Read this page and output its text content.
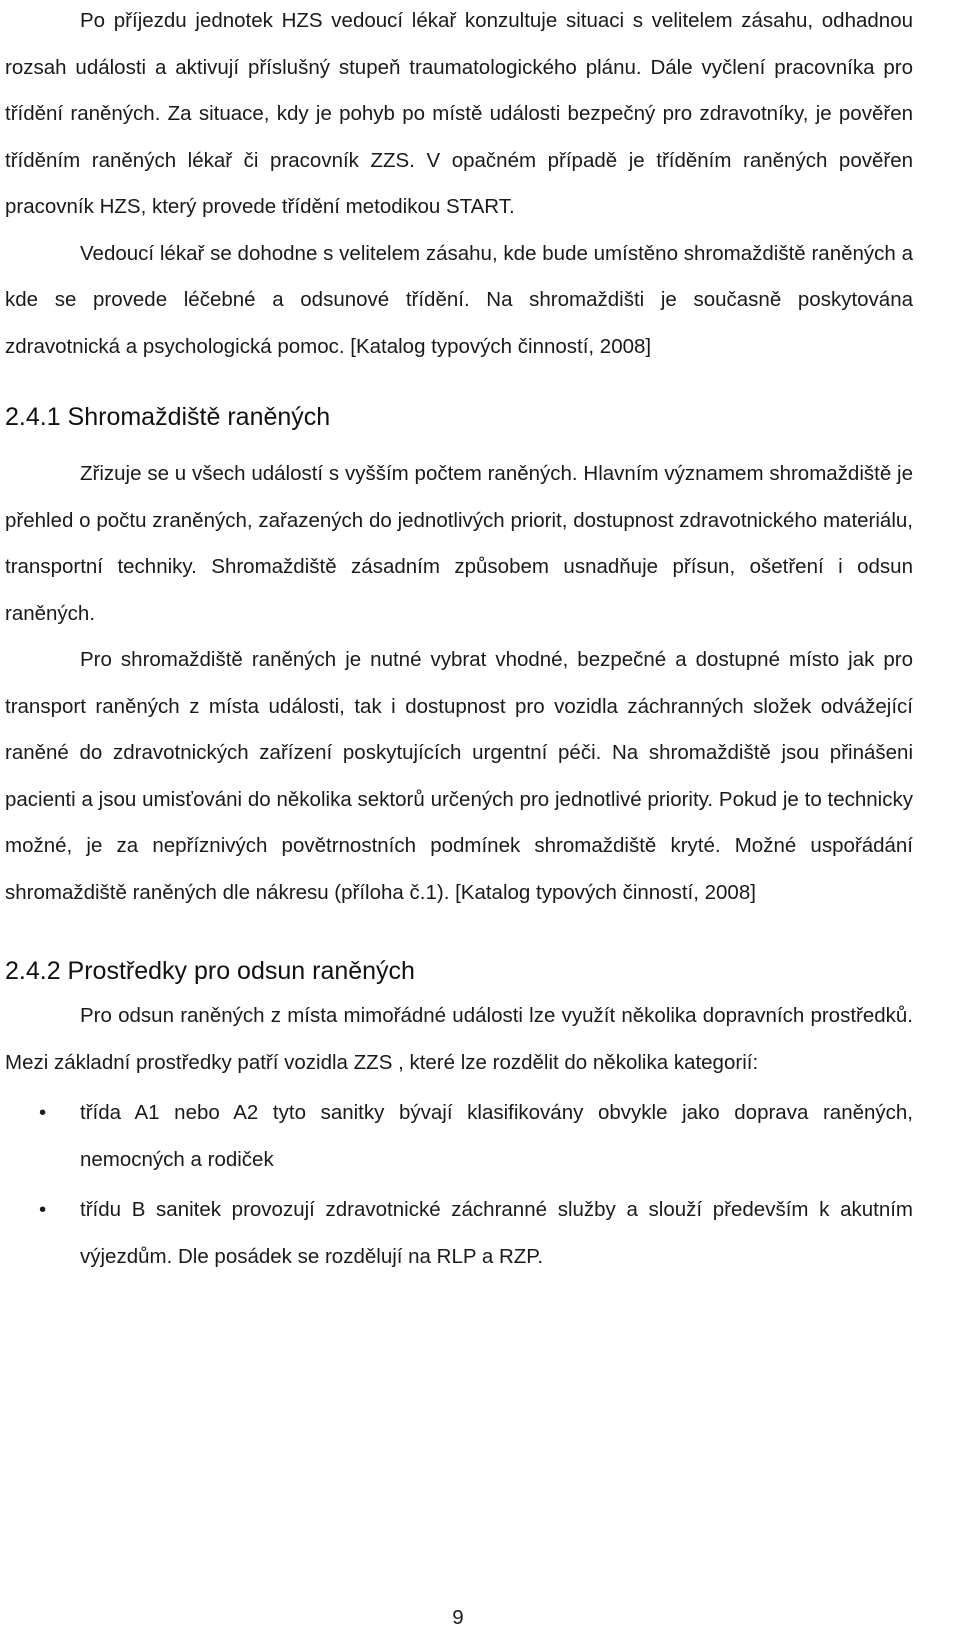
Po příjezdu jednotek HZS vedoucí lékař konzultuje situaci s velitelem zásahu, odhadnou rozsah události a aktivují příslušný stupeň traumatologického plánu. Dále vyčlení pracovníka pro třídění raněných. Za situace, kdy je pohyb po místě události bezpečný pro zdravotníky, je pověřen tříděním raněných lékař či pracovník ZZS. V opačném případě je tříděním raněných pověřen pracovník HZS, který provede třídění metodikou START.

Vedoucí lékař se dohodne s velitelem zásahu, kde bude umístěno shromaždiště raněných a kde se provede léčebné a odsunové třídění. Na shromaždišti je současně poskytována zdravotnická a psychologická pomoc. [Katalog typových činností, 2008]

2.4.1 Shromaždiště raněných

Zřizuje se u všech událostí s vyšším počtem raněných. Hlavním významem shromaždiště je přehled o počtu zraněných, zařazených do jednotlivých priorit, dostupnost zdravotnického materiálu, transportní techniky. Shromaždiště zásadním způsobem usnadňuje přísun, ošetření i odsun raněných.

Pro shromaždiště raněných je nutné vybrat vhodné, bezpečné a dostupné místo jak pro transport raněných z místa události, tak i dostupnost pro vozidla záchranných složek odvážející raněné do zdravotnických zařízení poskytujících urgentní péči. Na shromaždiště jsou přinášeni pacienti a jsou umisťováni do několika sektorů určených pro jednotlivé priority. Pokud je to technicky možné, je za nepříznivých povětrnostních podmínek shromaždiště kryté. Možné uspořádání shromaždiště raněných dle nákresu (příloha č.1). [Katalog typových činností, 2008]

2.4.2 Prostředky pro odsun raněných

Pro odsun raněných z místa mimořádné události lze využít několika dopravních prostředků. Mezi základní prostředky patří vozidla ZZS , které lze rozdělit do několika kategorií:

• třída A1 nebo A2 tyto sanitky bývají klasifikovány obvykle jako doprava raněných, nemocných a rodiček
• třídu B sanitek provozují zdravotnické záchranné služby a slouží především k akutním výjezdům. Dle posádek se rozdělují na RLP a RZP.
9
